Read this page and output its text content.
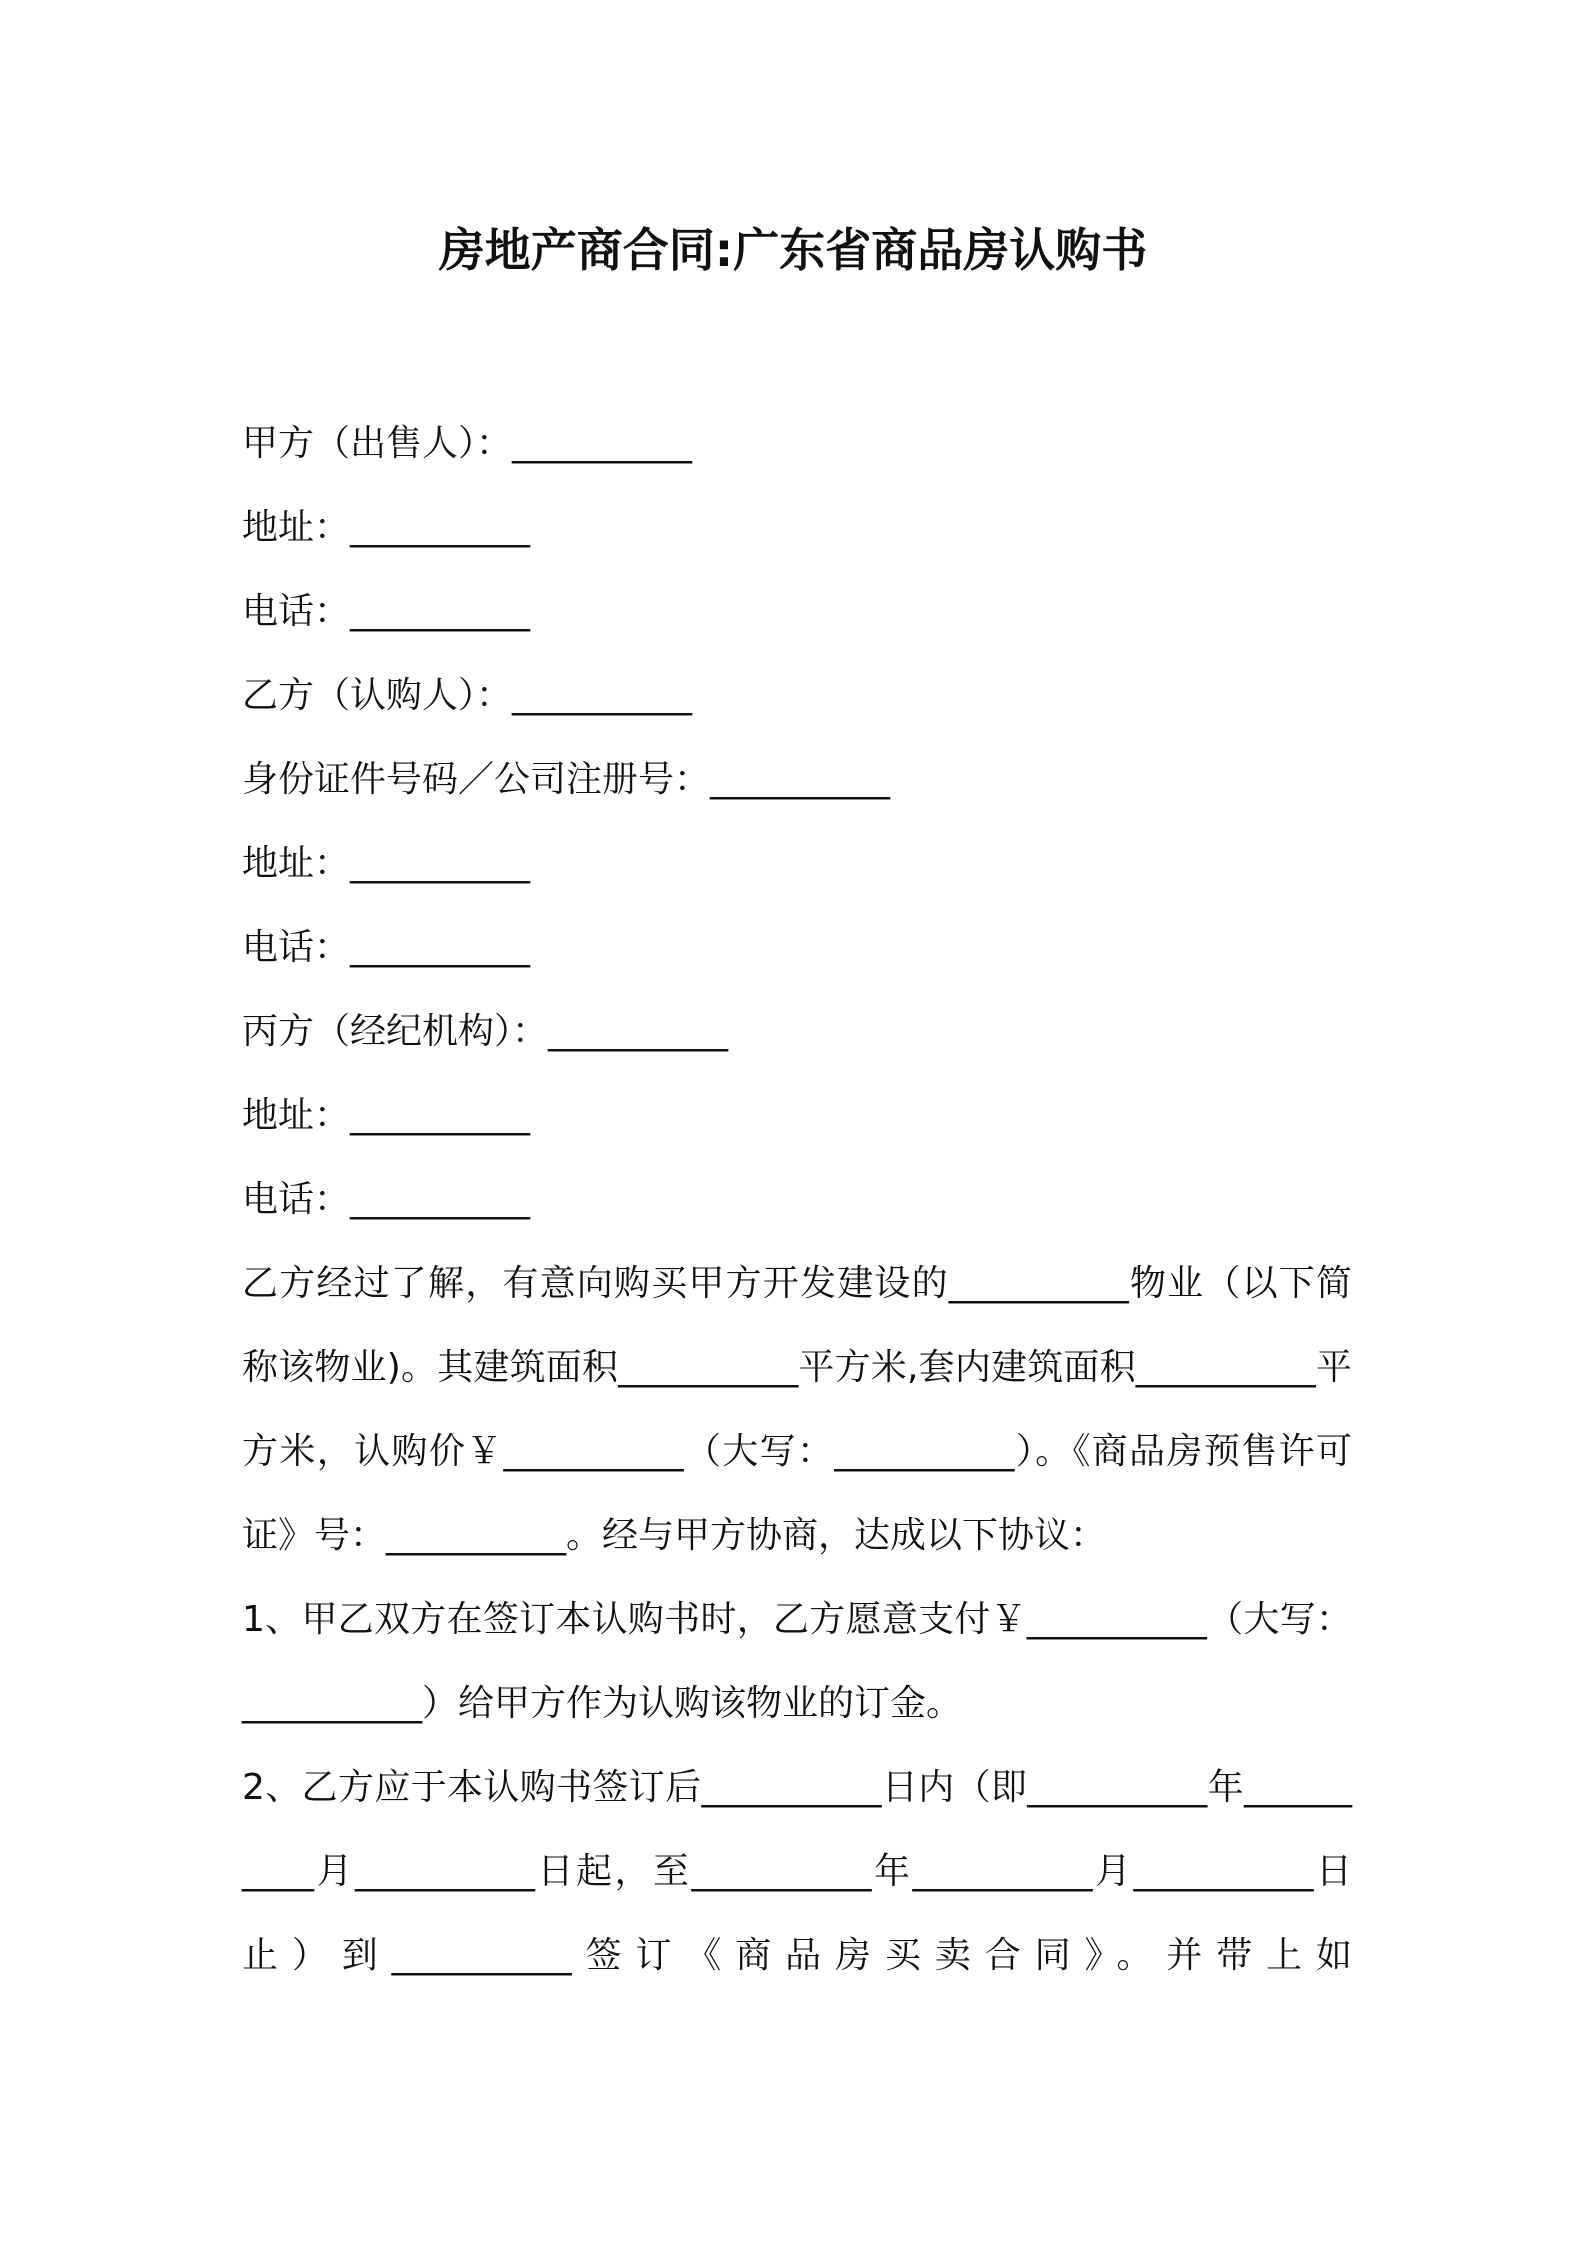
房地产商合同:广东省商品房认购书
甲方（出售人）：__________
地址：__________
电话：__________
乙方（认购人）：__________
身份证件号码／公司注册号：__________
地址：__________
电话：__________
丙方（经纪机构）：__________
地址：__________
电话：__________
乙方经过了解，有意向购买甲方开发建设的__________物业（以下简称该物业)。其建筑面积__________平方米,套内建筑面积__________平方米，认购价￥__________（大写：__________）。《商品房预售许可证》号：__________。经与甲方协商，达成以下协议：
1、甲乙双方在签订本认购书时，乙方愿意支付￥__________（大写：__________）给甲方作为认购该物业的订金。
2、乙方应于本认购书签订后__________日内（即__________年__________月__________日起，至__________年__________月__________日止）到__________签订《商品房买卖合同》。并带上如
